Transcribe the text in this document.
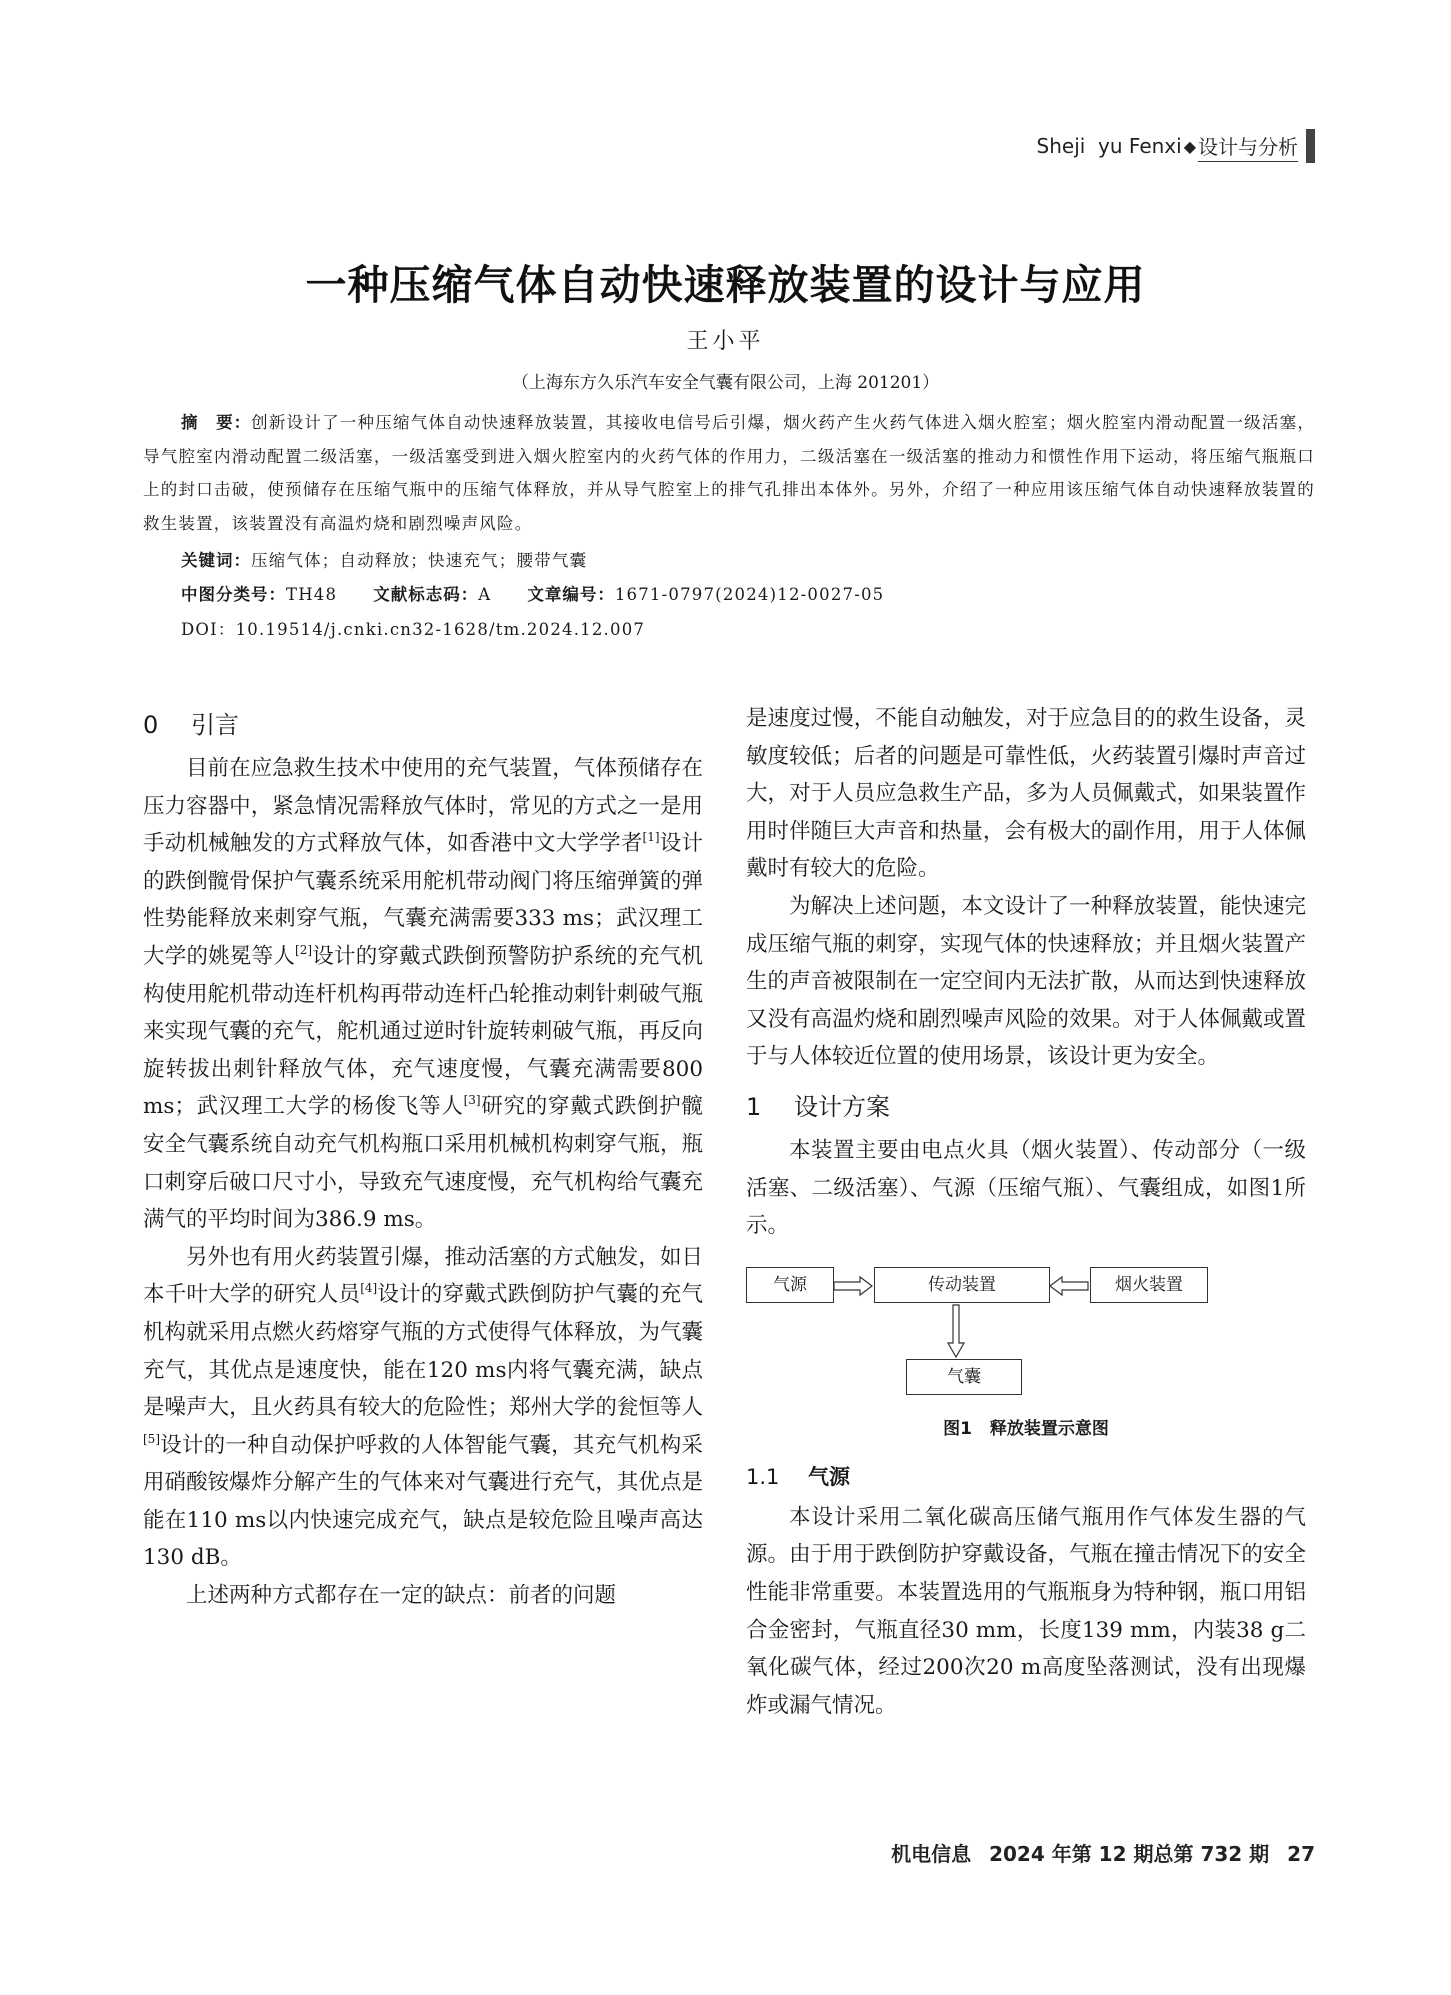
Sheji  yu Fenxi ◆ 设计与分析
一种压缩气体自动快速释放装置的设计与应用
王小平
（上海东方久乐汽车安全气囊有限公司，上海 201201）
摘　要：创新设计了一种压缩气体自动快速释放装置，其接收电信号后引爆，烟火药产生火药气体进入烟火腔室；烟火腔室内滑动配置一级活塞，导气腔室内滑动配置二级活塞，一级活塞受到进入烟火腔室内的火药气体的作用力，二级活塞在一级活塞的推动力和惯性作用下运动，将压缩气瓶瓶口上的封口击破，使预储存在压缩气瓶中的压缩气体释放，并从导气腔室上的排气孔排出本体外。另外，介绍了一种应用该压缩气体自动快速释放装置的救生装置，该装置没有高温灼烧和剧烈噪声风险。
关键词：压缩气体；自动释放；快速充气；腰带气囊
中图分类号：TH48 文献标志码：A 文章编号：1671-0797(2024)12-0027-05
DOI：10.19514/j.cnki.cn32-1628/tm.2024.12.007
0 引言

目前在应急救生技术中使用的充气装置，气体预储存在压力容器中，紧急情况需释放气体时，常见的方式之一是用手动机械触发的方式释放气体，如香港中文大学学者[1]设计的跌倒髋骨保护气囊系统采用舵机带动阀门将压缩弹簧的弹性势能释放来刺穿气瓶，气囊充满需要333 ms；武汉理工大学的姚冕等人[2]设计的穿戴式跌倒预警防护系统的充气机构使用舵机带动连杆机构再带动连杆凸轮推动刺针刺破气瓶来实现气囊的充气，舵机通过逆时针旋转刺破气瓶，再反向旋转拔出刺针释放气体，充气速度慢，气囊充满需要800 ms；武汉理工大学的杨俊飞等人[3]研究的穿戴式跌倒护髋安全气囊系统自动充气机构瓶口采用机械机构刺穿气瓶，瓶口刺穿后破口尺寸小，导致充气速度慢，充气机构给气囊充满气的平均时间为386.9 ms。

另外也有用火药装置引爆，推动活塞的方式触发，如日本千叶大学的研究人员[4]设计的穿戴式跌倒防护气囊的充气机构就采用点燃火药熔穿气瓶的方式使得气体释放，为气囊充气，其优点是速度快，能在120 ms内将气囊充满，缺点是噪声大，且火药具有较大的危险性；郑州大学的瓮恒等人[5]设计的一种自动保护呼救的人体智能气囊，其充气机构采用硝酸铵爆炸分解产生的气体来对气囊进行充气，其优点是能在110 ms以内快速完成充气，缺点是较危险且噪声高达130 dB。

上述两种方式都存在一定的缺点：前者的问题

是速度过慢，不能自动触发，对于应急目的的救生设备，灵敏度较低；后者的问题是可靠性低，火药装置引爆时声音过大，对于人员应急救生产品，多为人员佩戴式，如果装置作用时伴随巨大声音和热量，会有极大的副作用，用于人体佩戴时有较大的危险。

为解决上述问题，本文设计了一种释放装置，能快速完成压缩气瓶的刺穿，实现气体的快速释放；并且烟火装置产生的声音被限制在一定空间内无法扩散，从而达到快速释放又没有高温灼烧和剧烈噪声风险的效果。对于人体佩戴或置于与人体较近位置的使用场景，该设计更为安全。

1 设计方案

本装置主要由电点火具（烟火装置）、传动部分（一级活塞、二级活塞）、气源（压缩气瓶）、气囊组成，如图1所示。

气源	传动装置	烟火装置
气囊
图1 释放装置示意图
1.1 气源

本设计采用二氧化碳高压储气瓶用作气体发生器的气源。由于用于跌倒防护穿戴设备，气瓶在撞击情况下的安全性能非常重要。本装置选用的气瓶瓶身为特种钢，瓶口用铝合金密封，气瓶直径30 mm，长度139 mm，内装38 g二氧化碳气体，经过200次20 m高度坠落测试，没有出现爆炸或漏气情况。

机电信息 2024 年第 12 期总第 732 期 27
